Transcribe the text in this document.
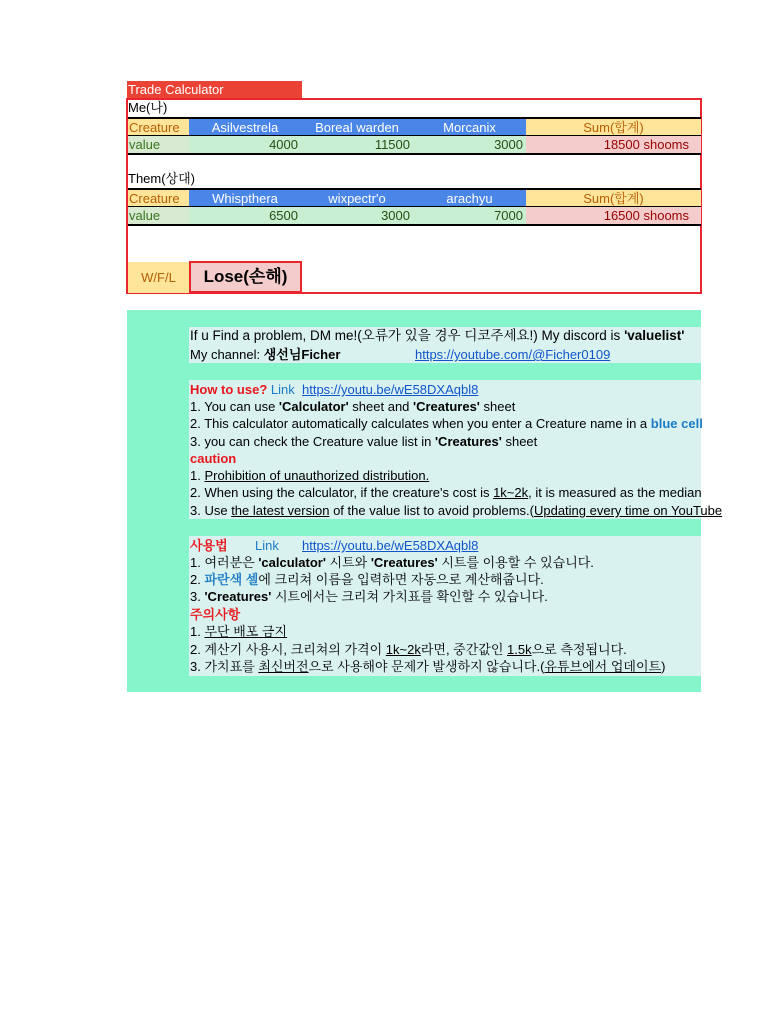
Trade Calculator
Me(나)
Creature	Asilvestrela	Boreal warden	Morcanix	Sum(합계)
value	4000	11500	3000	18500 shooms
Them(상대)
Creature	Whispthera	wixpectr'o	arachyu	Sum(합계)
value	6500	3000	7000	16500 shooms
W/F/L	Lose(손해)
If u Find a problem, DM me!(오류가 있을 경우 디코주세요!) My discord is 'valuelist'
My channel: 생선님Ficher	https://youtube.com/@Ficher0109
How to use? Link https://youtu.be/wE58DXAqbl8
1. You can use 'Calculator' sheet and 'Creatures' sheet
2. This calculator automatically calculates when you enter a Creature name in a blue cell
3. you can check the Creature value list in 'Creatures' sheet
caution
1. Prohibition of unauthorized distribution.
2. When using the calculator, if the creature's cost is 1k~2k, it is measured as the median
3. Use the latest version of the value list to avoid problems.(Updating every time on YouTube
사용법 Link https://youtu.be/wE58DXAqbl8
1. 여러분은 'calculator' 시트와 'Creatures' 시트를 이용할 수 있습니다.
2. 파란색 셀에 크리쳐 이름을 입력하면 자동으로 계산해줍니다.
3. 'Creatures' 시트에서는 크리쳐 가치표를 확인할 수 있습니다.
주의사항
1. 무단 배포 금지
2. 계산기 사용시, 크리쳐의 가격이 1k~2k라면, 중간값인 1.5k으로 측정됩니다.
3. 가치표를 최신버전으로 사용해야 문제가 발생하지 않습니다.(유튜브에서 업데이트)
